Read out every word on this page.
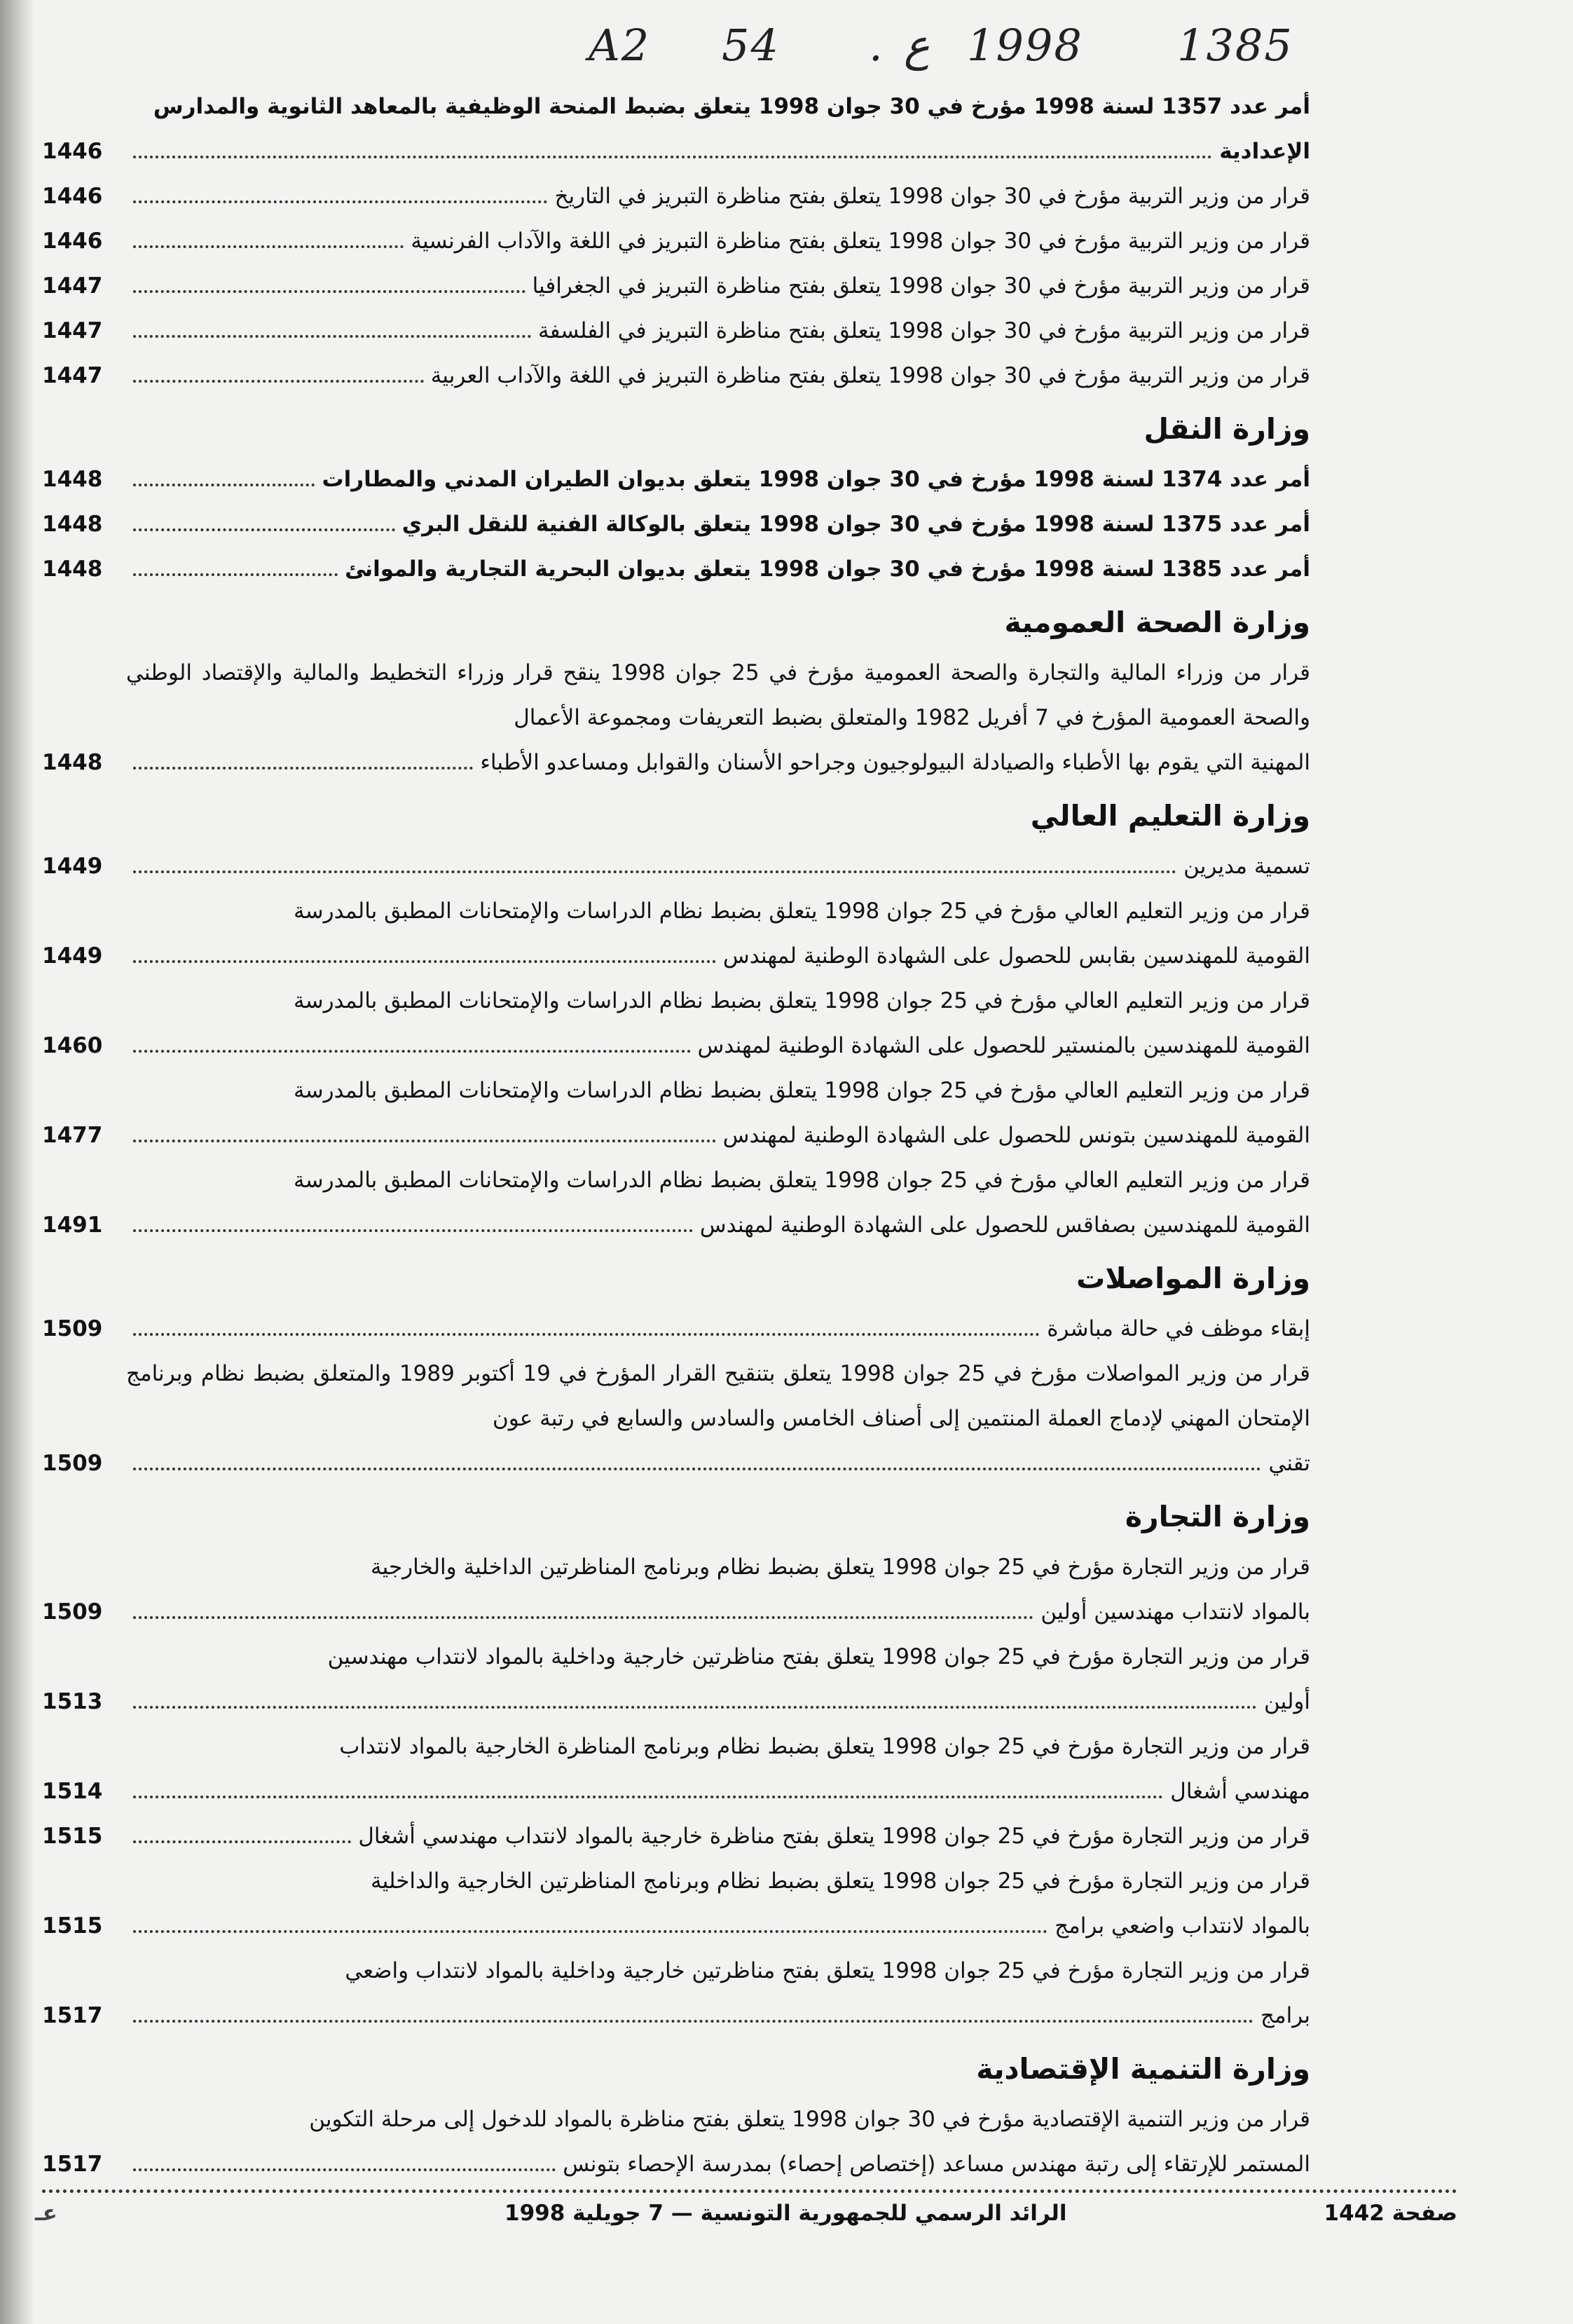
A2 54 . ع 1998 1385
أمر عدد 1357 لسنة 1998 مؤرخ في 30 جوان 1998 يتعلق بضبط المنحة الوظيفية بالمعاهد الثانوية والمدارس
الإعدادية
1446
قرار من وزير التربية مؤرخ في 30 جوان 1998 يتعلق بفتح مناظرة التبريز في التاريخ
1446
قرار من وزير التربية مؤرخ في 30 جوان 1998 يتعلق بفتح مناظرة التبريز في اللغة والآداب الفرنسية
1446
قرار من وزير التربية مؤرخ في 30 جوان 1998 يتعلق بفتح مناظرة التبريز في الجغرافيا
1447
قرار من وزير التربية مؤرخ في 30 جوان 1998 يتعلق بفتح مناظرة التبريز في الفلسفة
1447
قرار من وزير التربية مؤرخ في 30 جوان 1998 يتعلق بفتح مناظرة التبريز في اللغة والآداب العربية
1447
وزارة النقل
أمر عدد 1374 لسنة 1998 مؤرخ في 30 جوان 1998 يتعلق بديوان الطيران المدني والمطارات
1448
أمر عدد 1375 لسنة 1998 مؤرخ في 30 جوان 1998 يتعلق بالوكالة الفنية للنقل البري
1448
أمر عدد 1385 لسنة 1998 مؤرخ في 30 جوان 1998 يتعلق بديوان البحرية التجارية والموانئ
1448
وزارة الصحة العمومية
قرار من وزراء المالية والتجارة والصحة العمومية مؤرخ في 25 جوان 1998 ينقح قرار وزراء التخطيط والمالية والإقتصاد الوطني والصحة العمومية المؤرخ في 7 أفريل 1982 والمتعلق بضبط التعريفات ومجموعة الأعمال
المهنية التي يقوم بها الأطباء والصيادلة البيولوجيون وجراحو الأسنان والقوابل ومساعدو الأطباء
1448
وزارة التعليم العالي
تسمية مديرين
1449
قرار من وزير التعليم العالي مؤرخ في 25 جوان 1998 يتعلق بضبط نظام الدراسات والإمتحانات المطبق بالمدرسة
القومية للمهندسين بقابس للحصول على الشهادة الوطنية لمهندس
1449
قرار من وزير التعليم العالي مؤرخ في 25 جوان 1998 يتعلق بضبط نظام الدراسات والإمتحانات المطبق بالمدرسة
القومية للمهندسين بالمنستير للحصول على الشهادة الوطنية لمهندس
1460
قرار من وزير التعليم العالي مؤرخ في 25 جوان 1998 يتعلق بضبط نظام الدراسات والإمتحانات المطبق بالمدرسة
القومية للمهندسين بتونس للحصول على الشهادة الوطنية لمهندس
1477
قرار من وزير التعليم العالي مؤرخ في 25 جوان 1998 يتعلق بضبط نظام الدراسات والإمتحانات المطبق بالمدرسة
القومية للمهندسين بصفاقس للحصول على الشهادة الوطنية لمهندس
1491
وزارة المواصلات
إبقاء موظف في حالة مباشرة
1509
قرار من وزير المواصلات مؤرخ في 25 جوان 1998 يتعلق بتنقيح القرار المؤرخ في 19 أكتوبر 1989 والمتعلق بضبط نظام وبرنامج الإمتحان المهني لإدماج العملة المنتمين إلى أصناف الخامس والسادس والسابع في رتبة عون
تقني
1509
وزارة التجارة
قرار من وزير التجارة مؤرخ في 25 جوان 1998 يتعلق بضبط نظام وبرنامج المناظرتين الداخلية والخارجية
بالمواد لانتداب مهندسين أولين
1509
قرار من وزير التجارة مؤرخ في 25 جوان 1998 يتعلق بفتح مناظرتين خارجية وداخلية بالمواد لانتداب مهندسين
أولين
1513
قرار من وزير التجارة مؤرخ في 25 جوان 1998 يتعلق بضبط نظام وبرنامج المناظرة الخارجية بالمواد لانتداب
مهندسي أشغال
1514
قرار من وزير التجارة مؤرخ في 25 جوان 1998 يتعلق بفتح مناظرة خارجية بالمواد لانتداب مهندسي أشغال
1515
قرار من وزير التجارة مؤرخ في 25 جوان 1998 يتعلق بضبط نظام وبرنامج المناظرتين الخارجية والداخلية
بالمواد لانتداب واضعي برامج
1515
قرار من وزير التجارة مؤرخ في 25 جوان 1998 يتعلق بفتح مناظرتين خارجية وداخلية بالمواد لانتداب واضعي
برامج
1517
وزارة التنمية الإقتصادية
قرار من وزير التنمية الإقتصادية مؤرخ في 30 جوان 1998 يتعلق بفتح مناظرة بالمواد للدخول إلى مرحلة التكوين
المستمر للإرتقاء إلى رتبة مهندس مساعد (إختصاص إحصاء) بمدرسة الإحصاء بتونس
1517
صفحة 1442
الرائد الرسمي للجمهورية التونسية — 7 جويلية 1998
عـ
